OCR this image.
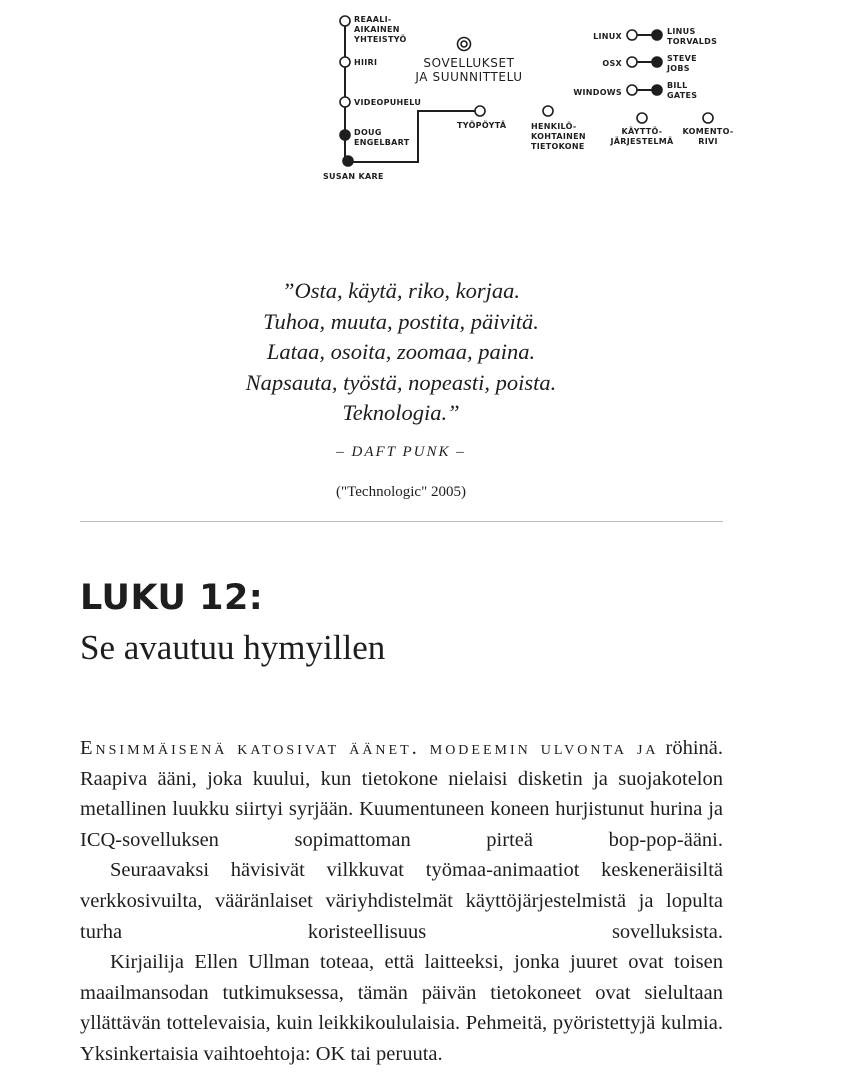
REAALI-
AIKAINEN
YHTEISTYÖ
HIIRI
VIDEOPUHELU
DOUG
ENGELBART
SUSAN KARE
TYÖPÖYTÄ
SOVELLUKSET
JA SUUNNITTELU
LINUX
LINUS
TORVALDS
OSX
STEVE
JOBS
WINDOWS
BILL
GATES
HENKILÖ-
KOHTAINEN
TIETOKONE
KÄYTTÖ-
JÄRJESTELMÄ
KOMENTO-
RIVI
”Osta, käytä, riko, korjaa.
Tuhoa, muuta, postita, päivitä.
Lataa, osoita, zoomaa, paina.
Napsauta, työstä, nopeasti, poista.
Teknologia.”
– DAFT PUNK –
("Technologic" 2005)
LUKU 12:
Se avautuu hymyillen

Ensimmäisenä katosivat äänet. modeemin ulvonta ja röhinä. Raapiva ääni, joka kuului, kun tietokone nielaisi disketin ja suojakotelon metallinen luukku siirtyi syrjään. Kuumentuneen koneen hurjistunut hurina ja ICQ-sovelluksen sopimattoman pirteä bop-pop-ääni.

Seuraavaksi hävisivät vilkkuvat työmaa-animaatiot keskeneräisiltä verkkosivuilta, vääränlaiset väriyhdistelmät käyttöjärjestelmistä ja lopulta turha koristeellisuus sovelluksista.

Kirjailija Ellen Ullman toteaa, että laitteeksi, jonka juuret ovat toisen maailmansodan tutkimuksessa, tämän päivän tietokoneet ovat sielultaan yllättävän tottelevaisia, kuin leikkikoululaisia. Pehmeitä, pyöristettyjä kulmia. Yksinkertaisia vaihtoehtoja: OK tai peruuta.
